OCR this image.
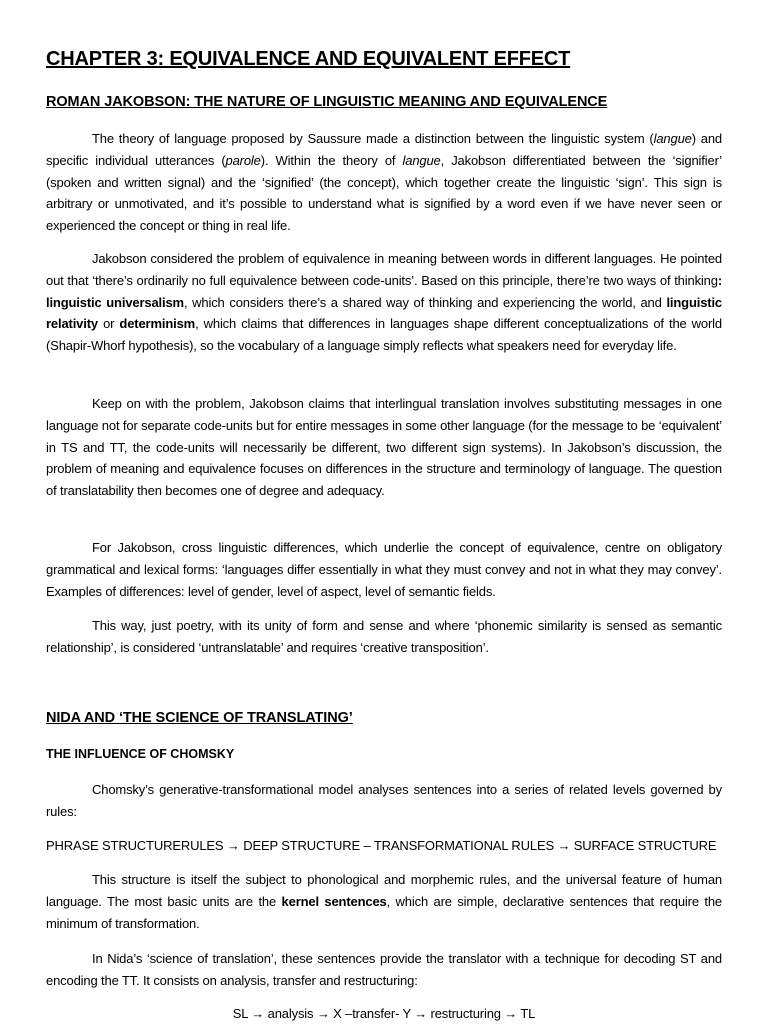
CHAPTER 3: EQUIVALENCE AND EQUIVALENT EFFECT
ROMAN JAKOBSON: THE NATURE OF LINGUISTIC MEANING AND EQUIVALENCE
The theory of language proposed by Saussure made a distinction between the linguistic system (langue) and specific individual utterances (parole). Within the theory of langue, Jakobson differentiated between the ‘signifier’ (spoken and written signal) and the ‘signified’ (the concept), which together create the linguistic ‘sign’. This sign is arbitrary or unmotivated, and it’s possible to understand what is signified by a word even if we have never seen or experienced the concept or thing in real life.
Jakobson considered the problem of equivalence in meaning between words in different languages. He pointed out that ‘there’s ordinarily no full equivalence between code-units’. Based on this principle, there’re two ways of thinking: linguistic universalism, which considers there’s a shared way of thinking and experiencing the world, and linguistic relativity or determinism, which claims that differences in languages shape different conceptualizations of the world (Shapir-Whorf hypothesis), so the vocabulary of a language simply reflects what speakers need for everyday life.
Keep on with the problem, Jakobson claims that interlingual translation involves substituting messages in one language not for separate code-units but for entire messages in some other language (for the message to be ‘equivalent’ in TS and TT, the code-units will necessarily be different, two different sign systems). In Jakobson’s discussion, the problem of meaning and equivalence focuses on differences in the structure and terminology of language. The question of translatability then becomes one of degree and adequacy.
For Jakobson, cross linguistic differences, which underlie the concept of equivalence, centre on obligatory grammatical and lexical forms: ‘languages differ essentially in what they must convey and not in what they may convey’. Examples of differences: level of gender, level of aspect, level of semantic fields.
This way, just poetry, with its unity of form and sense and where ‘phonemic similarity is sensed as semantic relationship’, is considered ‘untranslatable’ and requires ‘creative transposition’.
NIDA AND ‘THE SCIENCE OF TRANSLATING’
THE INFLUENCE OF CHOMSKY
Chomsky’s generative-transformational model analyses sentences into a series of related levels governed by rules:
PHRASE STRUCTURERULES → DEEP STRUCTURE – TRANSFORMATIONAL RULES → SURFACE STRUCTURE
This structure is itself the subject to phonological and morphemic rules, and the universal feature of human language. The most basic units are the kernel sentences, which are simple, declarative sentences that require the minimum of transformation.
In Nida’s ‘science of translation’, these sentences provide the translator with a technique for decoding ST and encoding the TT. It consists on analysis, transfer and restructuring:
SL → analysis → X –transfer- Y → restructuring → TL
